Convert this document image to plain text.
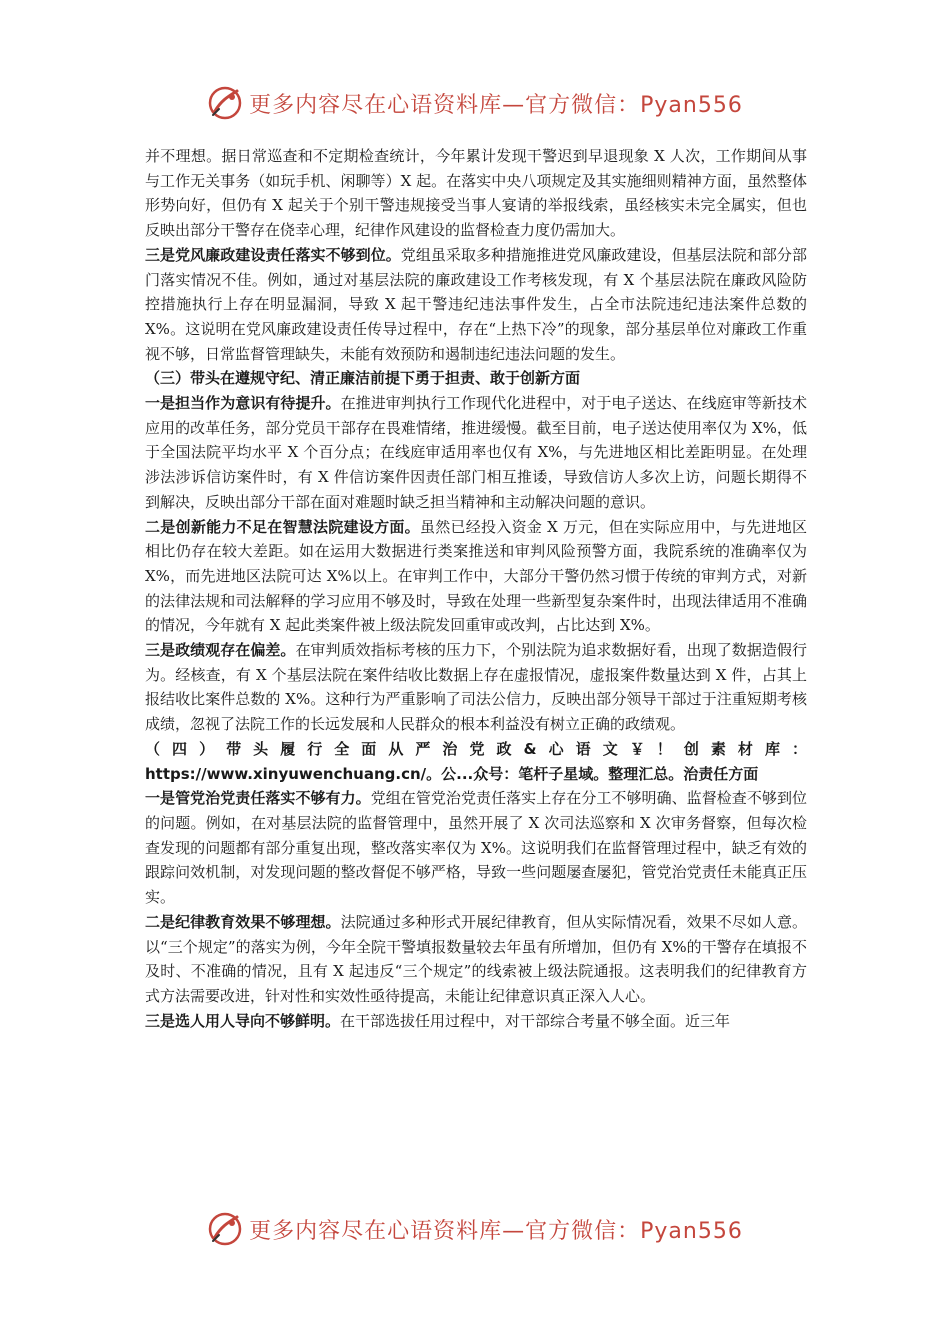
更多内容尽在心语资料库—官方微信：Pyan556

并不理想。据日常巡查和不定期检查统计，今年累计发现干警迟到早退现象 X 人次，工作期间从事与工作无关事务（如玩手机、闲聊等）X 起。在落实中央八项规定及其实施细则精神方面，虽然整体形势向好，但仍有 X 起关于个别干警违规接受当事人宴请的举报线索，虽经核实未完全属实，但也反映出部分干警存在侥幸心理，纪律作风建设的监督检查力度仍需加大。

三是党风廉政建设责任落实不够到位。党组虽采取多种措施推进党风廉政建设，但基层法院和部分部门落实情况不佳。例如，通过对基层法院的廉政建设工作考核发现，有 X 个基层法院在廉政风险防控措施执行上存在明显漏洞，导致 X 起干警违纪违法事件发生，占全市法院违纪违法案件总数的 X%。这说明在党风廉政建设责任传导过程中，存在“上热下冷”的现象，部分基层单位对廉政工作重视不够，日常监督管理缺失，未能有效预防和遏制违纪违法问题的发生。

（三）带头在遵规守纪、清正廉洁前提下勇于担责、敢于创新方面

一是担当作为意识有待提升。在推进审判执行工作现代化进程中，对于电子送达、在线庭审等新技术应用的改革任务，部分党员干部存在畏难情绪，推进缓慢。截至目前，电子送达使用率仅为 X%，低于全国法院平均水平 X 个百分点；在线庭审适用率也仅有 X%，与先进地区相比差距明显。在处理涉法涉诉信访案件时，有 X 件信访案件因责任部门相互推诿，导致信访人多次上访，问题长期得不到解决，反映出部分干部在面对难题时缺乏担当精神和主动解决问题的意识。

二是创新能力不足在智慧法院建设方面。虽然已经投入资金 X 万元，但在实际应用中，与先进地区相比仍存在较大差距。如在运用大数据进行类案推送和审判风险预警方面，我院系统的准确率仅为 X%，而先进地区法院可达 X%以上。在审判工作中，大部分干警仍然习惯于传统的审判方式，对新的法律法规和司法解释的学习应用不够及时，导致在处理一些新型复杂案件时，出现法律适用不准确的情况，今年就有 X 起此类案件被上级法院发回重审或改判，占比达到 X%。

三是政绩观存在偏差。在审判质效指标考核的压力下，个别法院为追求数据好看，出现了数据造假行为。经核查，有 X 个基层法院在案件结收比数据上存在虚报情况，虚报案件数量达到 X 件，占其上报结收比案件总数的 X%。这种行为严重影响了司法公信力，反映出部分领导干部过于注重短期考核成绩，忽视了法院工作的长远发展和人民群众的根本利益没有树立正确的政绩观。

（四）带头履行全面从严治党政&心语文￥！创素材库：https://www.xinyuwenchuang.cn/。公...众号：笔杆子星域。整理汇总。治责任方面

一是管党治党责任落实不够有力。党组在管党治党责任落实上存在分工不够明确、监督检查不够到位的问题。例如，在对基层法院的监督管理中，虽然开展了 X 次司法巡察和 X 次审务督察，但每次检查发现的问题都有部分重复出现，整改落实率仅为 X%。这说明我们在监督管理过程中，缺乏有效的跟踪问效机制，对发现问题的整改督促不够严格，导致一些问题屡查屡犯，管党治党责任未能真正压实。

二是纪律教育效果不够理想。法院通过多种形式开展纪律教育，但从实际情况看，效果不尽如人意。以“三个规定”的落实为例，今年全院干警填报数量较去年虽有所增加，但仍有 X%的干警存在填报不及时、不准确的情况，且有 X 起违反“三个规定”的线索被上级法院通报。这表明我们的纪律教育方式方法需要改进，针对性和实效性亟待提高，未能让纪律意识真正深入人心。

三是选人用人导向不够鲜明。在干部选拔任用过程中，对干部综合考量不够全面。近三年

更多内容尽在心语资料库—官方微信：Pyan556
